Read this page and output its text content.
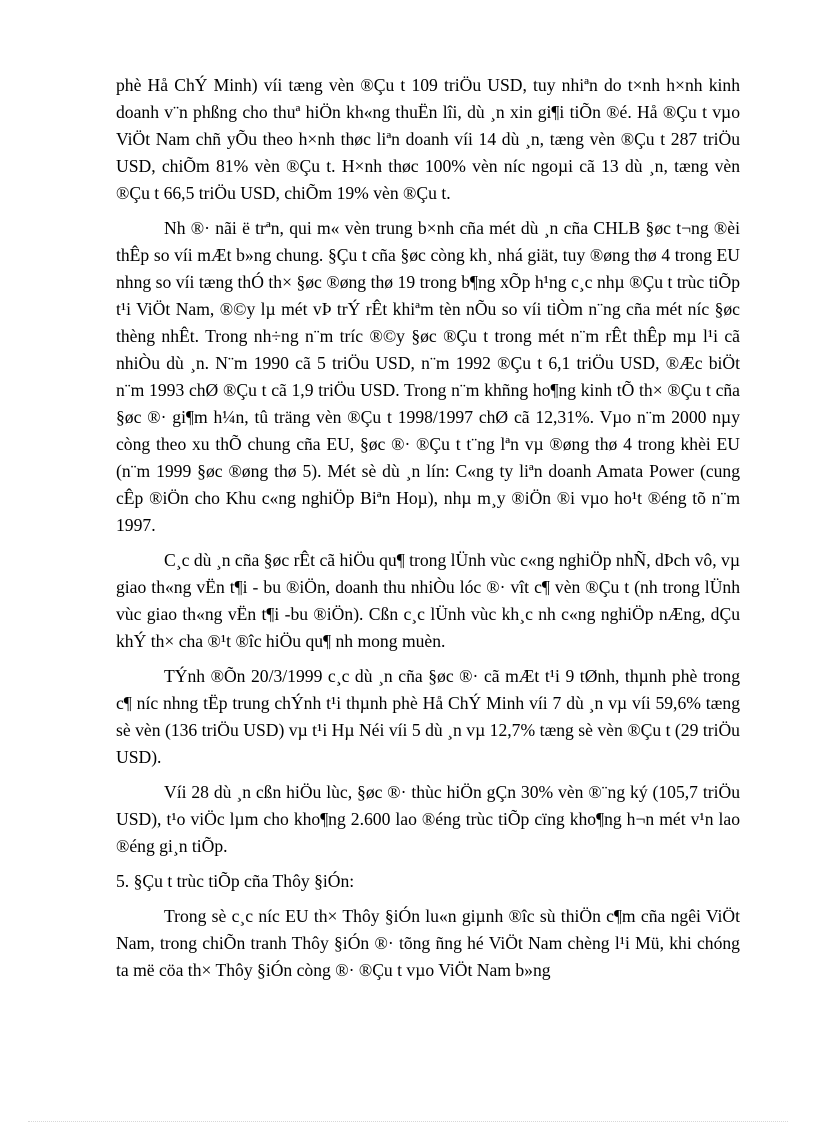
phè Hå ChÝ Minh) víi tæng vèn ®Çu t 109 triÖu USD, tuy nhiªn do t×nh h×nh kinh doanh v¨n phßng cho thuª hiÖn kh«ng thuËn lîi, dù ¸n xin gi¶i tiÕn ®é. Hå ®Çu t vµo ViÖt Nam chñ yÕu theo h×nh thøc liªn doanh víi 14 dù ¸n, tæng vèn ®Çu t 287 triÖu USD, chiÕm 81% vèn ®Çu t. H×nh thøc 100% vèn níc ngoµi cã 13 dù ¸n, tæng vèn ®Çu t 66,5 triÖu USD, chiÕm 19% vèn ®Çu t.

Nh ®· nãi ë trªn, qui m« vèn trung b×nh cña mét dù ¸n cña CHLB §øc t¬ng ®èi thÊp so víi mÆt b»ng chung. §Çu t cña §øc còng kh¸ nhá giät, tuy ®øng thø 4 trong EU nhng so víi tæng thÓ th× §øc ®øng thø 19 trong b¶ng xÕp h¹ng c¸c nhµ ®Çu t trùc tiÕp t¹i ViÖt Nam, ®©y lµ mét vÞ trÝ rÊt khiªm tèn nÕu so víi tiÒm n¨ng cña mét níc §øc thèng nhÊt. Trong nh÷ng n¨m tríc ®©y §øc ®Çu t trong mét n¨m rÊt thÊp mµ l¹i cã nhiÒu dù ¸n. N¨m 1990 cã 5 triÖu USD, n¨m 1992 ®Çu t 6,1 triÖu USD, ®Æc biÖt n¨m 1993 chØ ®Çu t cã 1,9 triÖu USD. Trong n¨m khñng ho¶ng kinh tÕ th× ®Çu t cña §øc ®· gi¶m h¼n, tû träng vèn ®Çu t 1998/1997 chØ cã 12,31%. Vµo n¨m 2000 nµy còng theo xu thÕ chung cña EU, §øc ®· ®Çu t t¨ng lªn vµ ®øng thø 4 trong khèi EU (n¨m 1999 §øc ®øng thø 5). Mét sè dù ¸n lín: C«ng ty liªn doanh Amata Power (cung cÊp ®iÖn cho Khu c«ng nghiÖp Biªn Hoµ), nhµ m¸y ®iÖn ®i vµo ho¹t ®éng tõ n¨m 1997.

C¸c dù ¸n cña §øc rÊt cã hiÖu qu¶ trong lÜnh vùc c«ng nghiÖp nhÑ, dÞch vô, vµ giao th«ng vËn t¶i - bu ®iÖn, doanh thu nhiÒu lóc ®· vît c¶ vèn ®Çu t (nh trong lÜnh vùc giao th«ng vËn t¶i -bu ®iÖn). Cßn c¸c lÜnh vùc kh¸c nh c«ng nghiÖp nÆng, dÇu khÝ th× cha ®¹t ®îc hiÖu qu¶ nh mong muèn.

TÝnh ®Õn 20/3/1999 c¸c dù ¸n cña §øc ®· cã mÆt t¹i 9 tØnh, thµnh phè trong c¶ níc nhng tËp trung chÝnh t¹i thµnh phè Hå ChÝ Minh víi 7 dù ¸n vµ víi 59,6% tæng sè vèn (136 triÖu USD) vµ t¹i Hµ Néi víi 5 dù ¸n vµ 12,7% tæng sè vèn ®Çu t (29 triÖu USD).

Víi 28 dù ¸n cßn hiÖu lùc, §øc ®· thùc hiÖn gÇn 30% vèn ®¨ng ký (105,7 triÖu USD), t¹o viÖc lµm cho kho¶ng 2.600 lao ®éng trùc tiÕp cïng kho¶ng h¬n mét v¹n lao ®éng gi¸n tiÕp.

5. §Çu t trùc tiÕp cña Thôy §iÓn:

Trong sè c¸c níc EU th× Thôy §iÓn lu«n giµnh ®îc sù thiÖn c¶m cña ngêi ViÖt Nam, trong chiÕn tranh Thôy §iÓn ®· tõng ñng hé ViÖt Nam chèng l¹i Mü, khi chóng ta më cöa th× Thôy §iÓn còng ®· ®Çu t vµo ViÖt Nam b»ng
